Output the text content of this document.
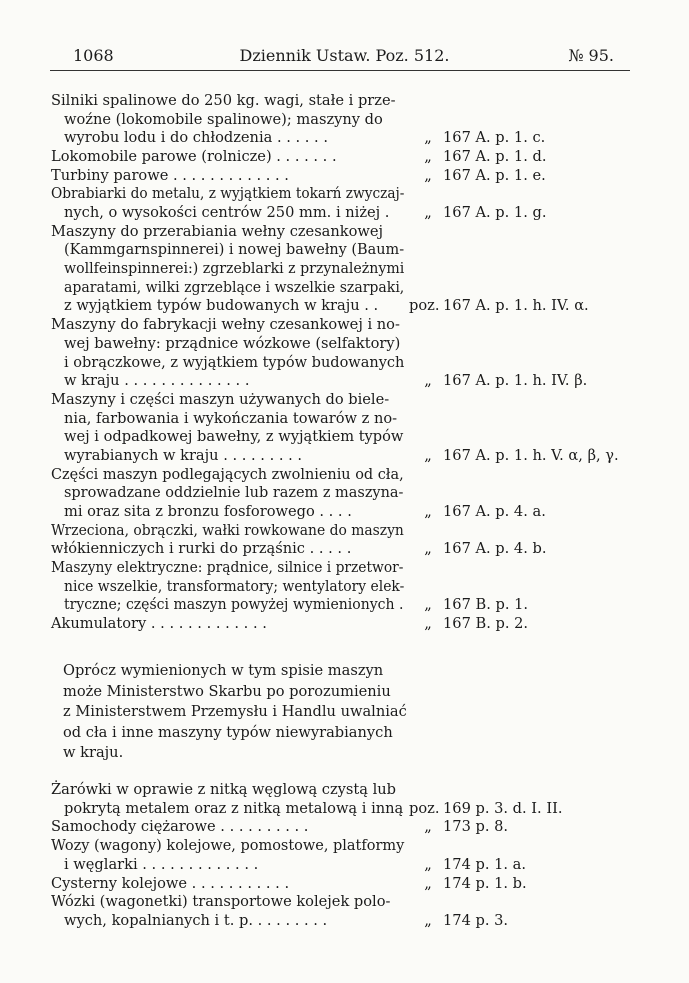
1068	Dziennik Ustaw. Poz. 512.	№ 95.
Silniki spalinowe do 250 kg. wagi, stałe i prze-
woźne (lokomobile spalinowe); maszyny do
wyrobu lodu i do chłodzenia . . . . . .	„ 167 A. p. 1. c.
Lokomobile parowe (rolnicze) . . . . . . .	„ 167 A. p. 1. d.
Turbiny parowe . . . . . . . . . . . . .	„ 167 A. p. 1. e.
Obrabiarki do metalu, z wyjątkiem tokarń zwyczaj-
nych, o wysokości centrów 250 mm. i niżej . „ 167 A. p. 1. g.
Maszyny do przerabiania wełny czesankowej
(Kammgarnspinnerei) i nowej bawełny (Baum-
wollfeinspinnerei:) zgrzeblarki z przynależnymi
aparatami, wilki zgrzeblące i wszelkie szarpaki,
z wyjątkiem typów budowanych w kraju . . poz. 167 A. p. 1. h. IV. α.
Maszyny do fabrykacji wełny czesankowej i no-
wej bawełny: prządnice wózkowe (selfaktory)
i obrączkowe, z wyjątkiem typów budowanych
w kraju . . . . . . . . . . . . . .	„ 167 A. p. 1. h. IV. β.
Maszyny i części maszyn używanych do biele-
nia, farbowania i wykończania towarów z no-
wej i odpadkowej bawełny, z wyjątkiem typów
wyrabianych w kraju . . . . . . . . .	„ 167 A. p. 1. h. V. α, β, γ.
Części maszyn podlegających zwolnieniu od cła,
sprowadzane oddzielnie lub razem z maszyna-
mi oraz sita z bronzu fosforowego . . . .	„ 167 A. p. 4. a.
Wrzeciona, obrączki, wałki rowkowane do maszyn
włókienniczych i rurki do prząśnic . . . . .	„ 167 A. p. 4. b.
Maszyny elektryczne: prądnice, silnice i przetwor-
nice wszelkie, transformatory; wentylatory elek-
tryczne; części maszyn powyżej wymienionych . „ 167 B. p. 1.
Akumulatory . . . . . . . . . . . . .	„ 167 B. p. 2.
Oprócz wymienionych w tym spisie maszyn
może Ministerstwo Skarbu po porozumieniu
z Ministerstwem Przemysłu i Handlu uwalniać
od cła i inne maszyny typów niewyrabianych
w kraju.
Żarówki w oprawie z nitką węglową czystą lub
pokrytą metalem oraz z nitką metalową i inną poz. 169 p. 3. d. I. II.
Samochody ciężarowe . . . . . . . . . .	„ 173 p. 8.
Wozy (wagony) kolejowe, pomostowe, platformy
i węglarki . . . . . . . . . . . . .	„ 174 p. 1. a.
Cysterny kolejowe . . . . . . . . . . .	„ 174 p. 1. b.
Wózki (wagonetki) transportowe kolejek polo-
wych, kopalnianych i t. p. . . . . . . . .	„ 174 p. 3.
